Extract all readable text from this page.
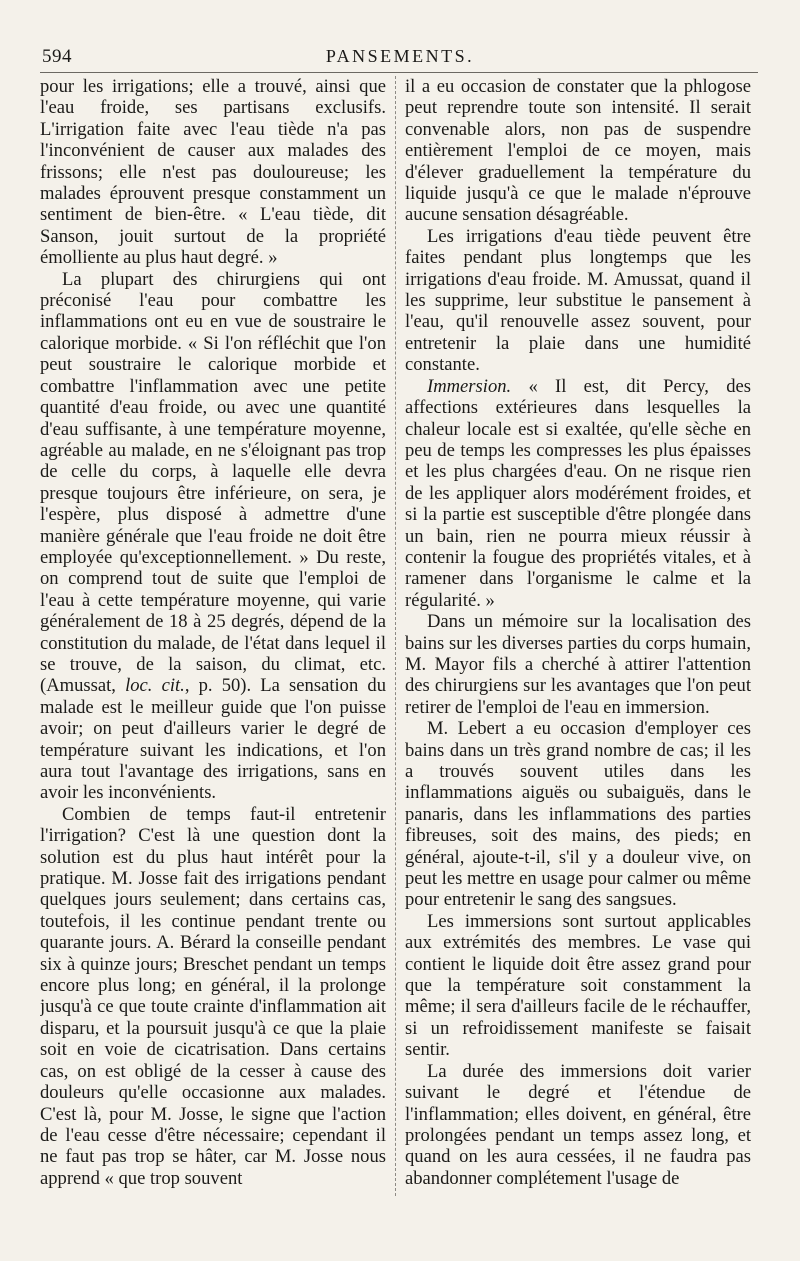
594	PANSEMENTS.

pour les irrigations; elle a trouvé, ainsi que l'eau froide, ses partisans exclusifs. L'irrigation faite avec l'eau tiède n'a pas l'inconvénient de causer aux malades des frissons; elle n'est pas douloureuse; les malades éprouvent presque constamment un sentiment de bien-être. « L'eau tiède, dit Sanson, jouit surtout de la propriété émolliente au plus haut degré. »

La plupart des chirurgiens qui ont préconisé l'eau pour combattre les inflammations ont eu en vue de soustraire le calorique morbide. « Si l'on réfléchit que l'on peut soustraire le calorique morbide et combattre l'inflammation avec une petite quantité d'eau froide, ou avec une quantité d'eau suffisante, à une température moyenne, agréable au malade, en ne s'éloignant pas trop de celle du corps, à laquelle elle devra presque toujours être inférieure, on sera, je l'espère, plus disposé à admettre d'une manière générale que l'eau froide ne doit être employée qu'exceptionnellement. » Du reste, on comprend tout de suite que l'emploi de l'eau à cette température moyenne, qui varie généralement de 18 à 25 degrés, dépend de la constitution du malade, de l'état dans lequel il se trouve, de la saison, du climat, etc. (Amussat, loc. cit., p. 50). La sensation du malade est le meilleur guide que l'on puisse avoir; on peut d'ailleurs varier le degré de température suivant les indications, et l'on aura tout l'avantage des irrigations, sans en avoir les inconvénients.

Combien de temps faut-il entretenir l'irrigation? C'est là une question dont la solution est du plus haut intérêt pour la pratique. M. Josse fait des irrigations pendant quelques jours seulement; dans certains cas, toutefois, il les continue pendant trente ou quarante jours. A. Bérard la conseille pendant six à quinze jours; Breschet pendant un temps encore plus long; en général, il la prolonge jusqu'à ce que toute crainte d'inflammation ait disparu, et la poursuit jusqu'à ce que la plaie soit en voie de cicatrisation. Dans certains cas, on est obligé de la cesser à cause des douleurs qu'elle occasionne aux malades. C'est là, pour M. Josse, le signe que l'action de l'eau cesse d'être nécessaire; cependant il ne faut pas trop se hâter, car M. Josse nous apprend « que trop souvent

il a eu occasion de constater que la phlogose peut reprendre toute son intensité. Il serait convenable alors, non pas de suspendre entièrement l'emploi de ce moyen, mais d'élever graduellement la température du liquide jusqu'à ce que le malade n'éprouve aucune sensation désagréable.

Les irrigations d'eau tiède peuvent être faites pendant plus longtemps que les irrigations d'eau froide. M. Amussat, quand il les supprime, leur substitue le pansement à l'eau, qu'il renouvelle assez souvent, pour entretenir la plaie dans une humidité constante.

Immersion. « Il est, dit Percy, des affections extérieures dans lesquelles la chaleur locale est si exaltée, qu'elle sèche en peu de temps les compresses les plus épaisses et les plus chargées d'eau. On ne risque rien de les appliquer alors modérément froides, et si la partie est susceptible d'être plongée dans un bain, rien ne pourra mieux réussir à contenir la fougue des propriétés vitales, et à ramener dans l'organisme le calme et la régularité. »

Dans un mémoire sur la localisation des bains sur les diverses parties du corps humain, M. Mayor fils a cherché à attirer l'attention des chirurgiens sur les avantages que l'on peut retirer de l'emploi de l'eau en immersion.

M. Lebert a eu occasion d'employer ces bains dans un très grand nombre de cas; il les a trouvés souvent utiles dans les inflammations aiguës ou subaiguës, dans le panaris, dans les inflammations des parties fibreuses, soit des mains, des pieds; en général, ajoute-t-il, s'il y a douleur vive, on peut les mettre en usage pour calmer ou même pour entretenir le sang des sangsues.

Les immersions sont surtout applicables aux extrémités des membres. Le vase qui contient le liquide doit être assez grand pour que la température soit constamment la même; il sera d'ailleurs facile de le réchauffer, si un refroidissement manifeste se faisait sentir.

La durée des immersions doit varier suivant le degré et l'étendue de l'inflammation; elles doivent, en général, être prolongées pendant un temps assez long, et quand on les aura cessées, il ne faudra pas abandonner complétement l'usage de
